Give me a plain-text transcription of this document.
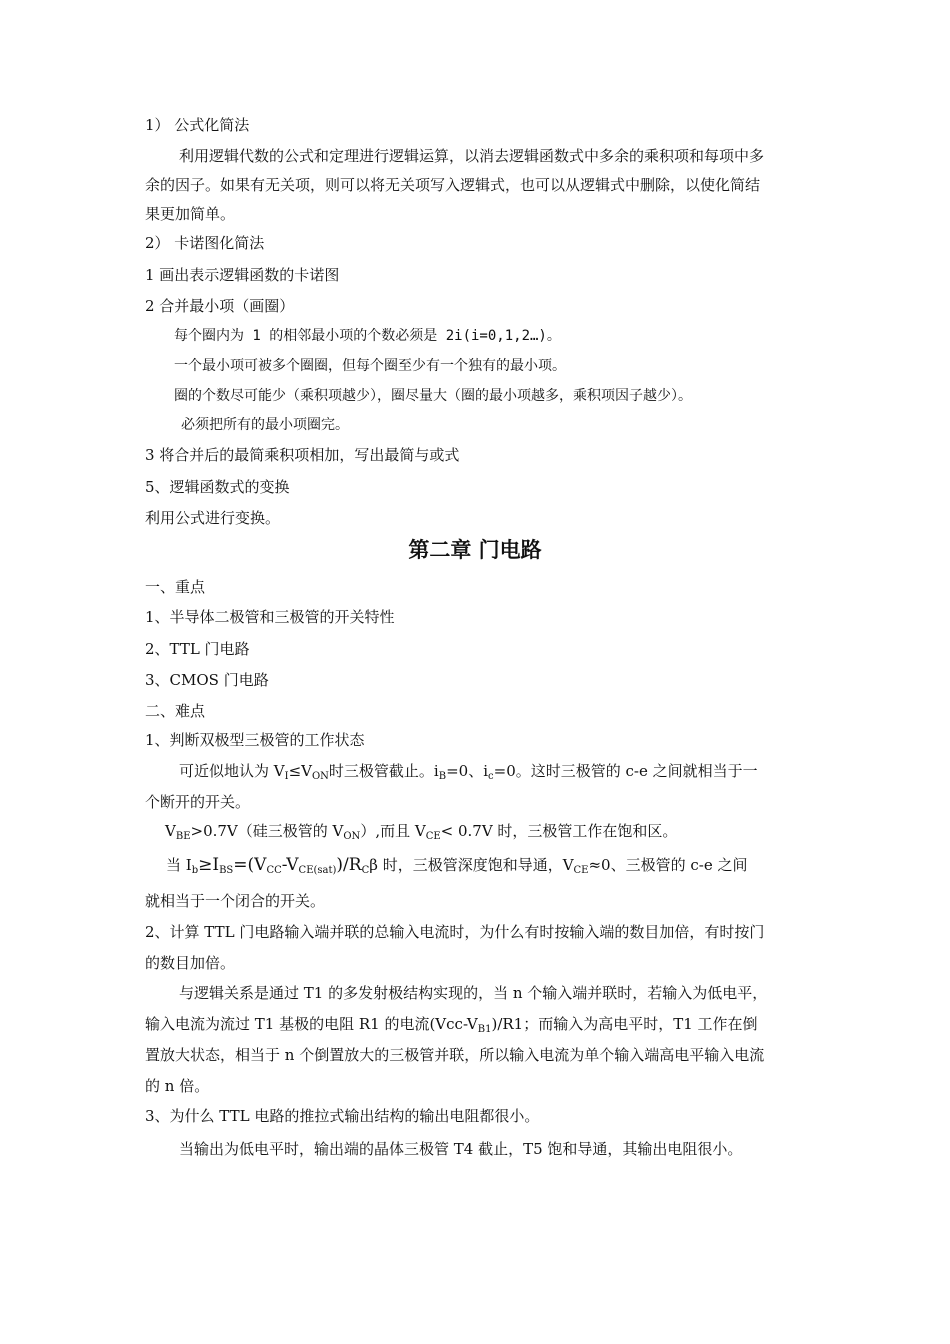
1） 公式化简法
利用逻辑代数的公式和定理进行逻辑运算，以消去逻辑函数式中多余的乘积项和每项中多
余的因子。如果有无关项，则可以将无关项写入逻辑式，也可以从逻辑式中删除，以使化简结
果更加简单。
2） 卡诺图化简法
1 画出表示逻辑函数的卡诺图
2 合并最小项（画圈）
每个圈内为 1 的相邻最小项的个数必须是 2i(i=0,1,2…)。
一个最小项可被多个圈圈，但每个圈至少有一个独有的最小项。
圈的个数尽可能少（乘积项越少），圈尽量大（圈的最小项越多，乘积项因子越少）。
必须把所有的最小项圈完。
3 将合并后的最简乘积项相加，写出最简与或式
5、逻辑函数式的变换
利用公式进行变换。
第二章 门电路
一、重点
1、半导体二极管和三极管的开关特性
2、TTL 门电路
3、CMOS 门电路
二、难点
1、判断双极型三极管的工作状态
可近似地认为 $V_I\le V_{ON}$时三极管截止。$i_B=0$、$i_c=0$。这时三极管的 c-e 之间就相当于一
个断开的开关。
$V_{BE}>0.7V$（硅三极管的 $V_{ON}$）,而且 $V_{CE}< 0.7V$ 时，三极管工作在饱和区。
当 $I_b\ge I_{BS}=(V_{CC}-V_{CE(sat)})/R_C\beta$ 时，三极管深度饱和导通，$V_{CE}\approx 0$、三极管的 c-e 之间
就相当于一个闭合的开关。
2、计算 TTL 门电路输入端并联的总输入电流时，为什么有时按输入端的数目加倍，有时按门
的数目加倍。
与逻辑关系是通过 T1 的多发射极结构实现的，当 n 个输入端并联时，若输入为低电平，
输入电流为流过 T1 基极的电阻 R1 的电流$(Vcc-V_{B1})/R1$；而输入为高电平时，T1 工作在倒
置放大状态，相当于 n 个倒置放大的三极管并联，所以输入电流为单个输入端高电平输入电流
的 n 倍。
3、为什么 TTL 电路的推拉式输出结构的输出电阻都很小。
当输出为低电平时，输出端的晶体三极管 T4 截止，T5 饱和导通，其输出电阻很小。
